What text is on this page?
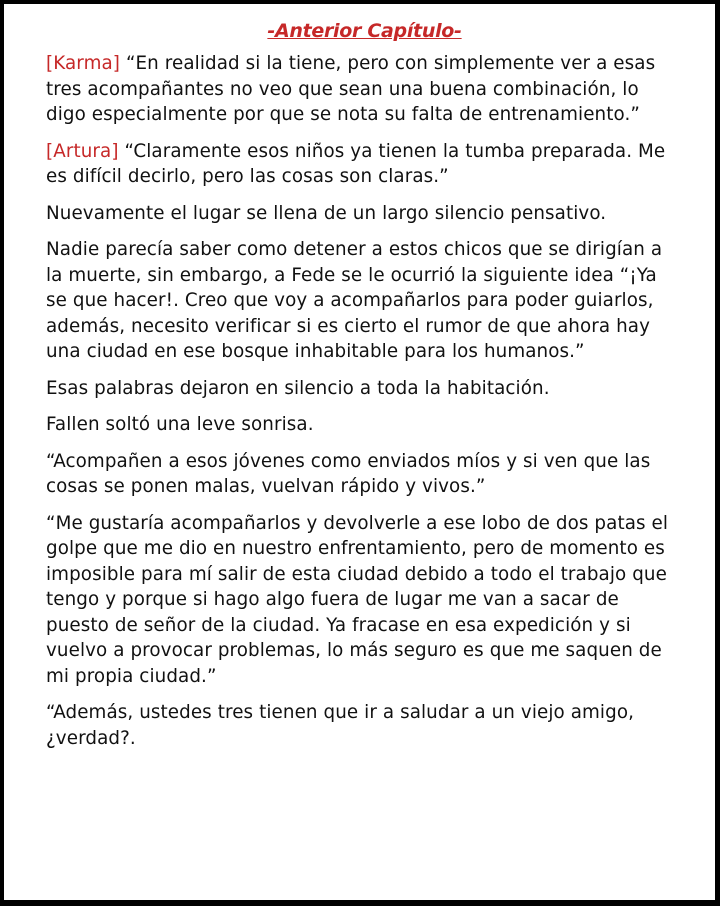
-Anterior Capítulo-

[Karma] “En realidad si la tiene, pero con simplemente ver a esas tres acompañantes no veo que sean una buena combinación, lo digo especialmente por que se nota su falta de entrenamiento.”

[Artura] “Claramente esos niños ya tienen la tumba preparada. Me es difícil decirlo, pero las cosas son claras.”

Nuevamente el lugar se llena de un largo silencio pensativo.

Nadie parecía saber como detener a estos chicos que se dirigían a la muerte, sin embargo, a Fede se le ocurrió la siguiente idea “¡Ya se que hacer!. Creo que voy a acompañarlos para poder guiarlos, además, necesito verificar si es cierto el rumor de que ahora hay una ciudad en ese bosque inhabitable para los humanos.”

Esas palabras dejaron en silencio a toda la habitación.

Fallen soltó una leve sonrisa.

“Acompañen a esos jóvenes como enviados míos y si ven que las cosas se ponen malas, vuelvan rápido y vivos.”

“Me gustaría acompañarlos y devolverle a ese lobo de dos patas el golpe que me dio en nuestro enfrentamiento, pero de momento es imposible para mí salir de esta ciudad debido a todo el trabajo que tengo y porque si hago algo fuera de lugar me van a sacar de puesto de señor de la ciudad. Ya fracase en esa expedición y si vuelvo a provocar problemas, lo más seguro es que me saquen de mi propia ciudad.”

“Además, ustedes tres tienen que ir a saludar a un viejo amigo, ¿verdad?.
